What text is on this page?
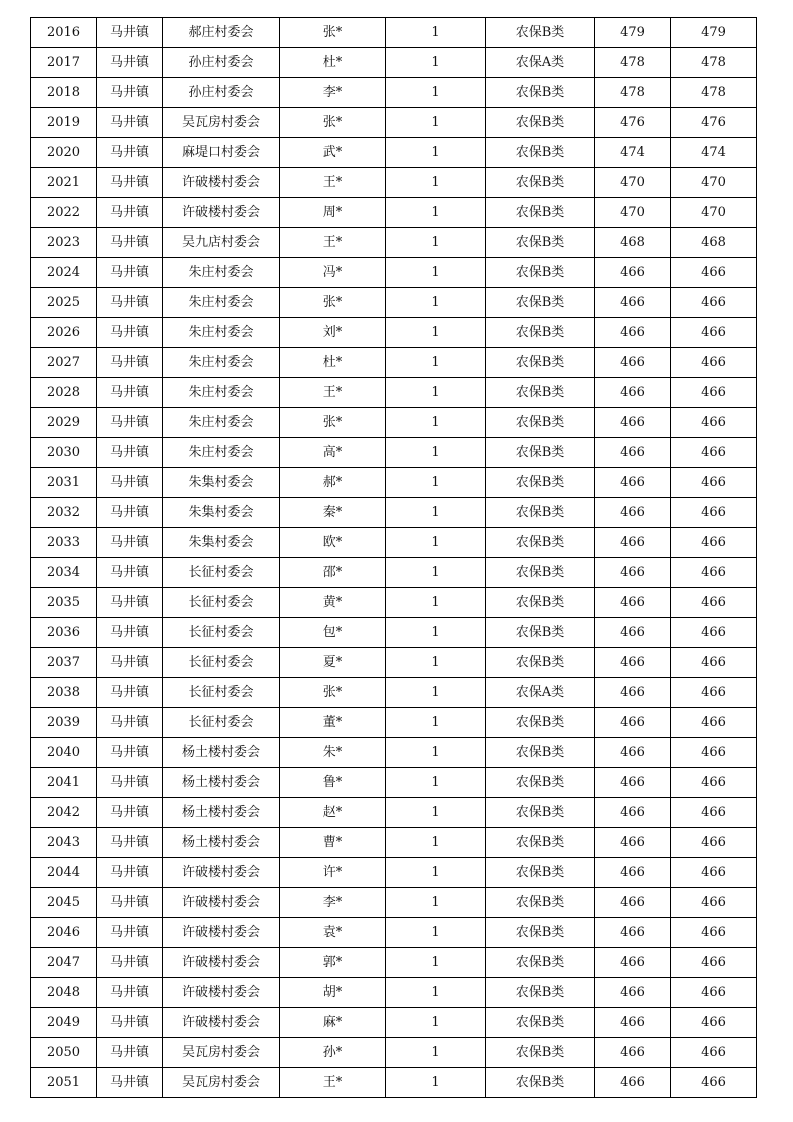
2016	马井镇	郝庄村委会	张*	1	农保B类	479	479
2017	马井镇	孙庄村委会	杜*	1	农保A类	478	478
2018	马井镇	孙庄村委会	李*	1	农保B类	478	478
2019	马井镇	吴瓦房村委会	张*	1	农保B类	476	476
2020	马井镇	麻堤口村委会	武*	1	农保B类	474	474
2021	马井镇	许破楼村委会	王*	1	农保B类	470	470
2022	马井镇	许破楼村委会	周*	1	农保B类	470	470
2023	马井镇	吴九店村委会	王*	1	农保B类	468	468
2024	马井镇	朱庄村委会	冯*	1	农保B类	466	466
2025	马井镇	朱庄村委会	张*	1	农保B类	466	466
2026	马井镇	朱庄村委会	刘*	1	农保B类	466	466
2027	马井镇	朱庄村委会	杜*	1	农保B类	466	466
2028	马井镇	朱庄村委会	王*	1	农保B类	466	466
2029	马井镇	朱庄村委会	张*	1	农保B类	466	466
2030	马井镇	朱庄村委会	高*	1	农保B类	466	466
2031	马井镇	朱集村委会	郝*	1	农保B类	466	466
2032	马井镇	朱集村委会	秦*	1	农保B类	466	466
2033	马井镇	朱集村委会	欧*	1	农保B类	466	466
2034	马井镇	长征村委会	邵*	1	农保B类	466	466
2035	马井镇	长征村委会	黄*	1	农保B类	466	466
2036	马井镇	长征村委会	包*	1	农保B类	466	466
2037	马井镇	长征村委会	夏*	1	农保B类	466	466
2038	马井镇	长征村委会	张*	1	农保A类	466	466
2039	马井镇	长征村委会	董*	1	农保B类	466	466
2040	马井镇	杨土楼村委会	朱*	1	农保B类	466	466
2041	马井镇	杨土楼村委会	鲁*	1	农保B类	466	466
2042	马井镇	杨土楼村委会	赵*	1	农保B类	466	466
2043	马井镇	杨土楼村委会	曹*	1	农保B类	466	466
2044	马井镇	许破楼村委会	许*	1	农保B类	466	466
2045	马井镇	许破楼村委会	李*	1	农保B类	466	466
2046	马井镇	许破楼村委会	袁*	1	农保B类	466	466
2047	马井镇	许破楼村委会	郭*	1	农保B类	466	466
2048	马井镇	许破楼村委会	胡*	1	农保B类	466	466
2049	马井镇	许破楼村委会	麻*	1	农保B类	466	466
2050	马井镇	吴瓦房村委会	孙*	1	农保B类	466	466
2051	马井镇	吴瓦房村委会	王*	1	农保B类	466	466
